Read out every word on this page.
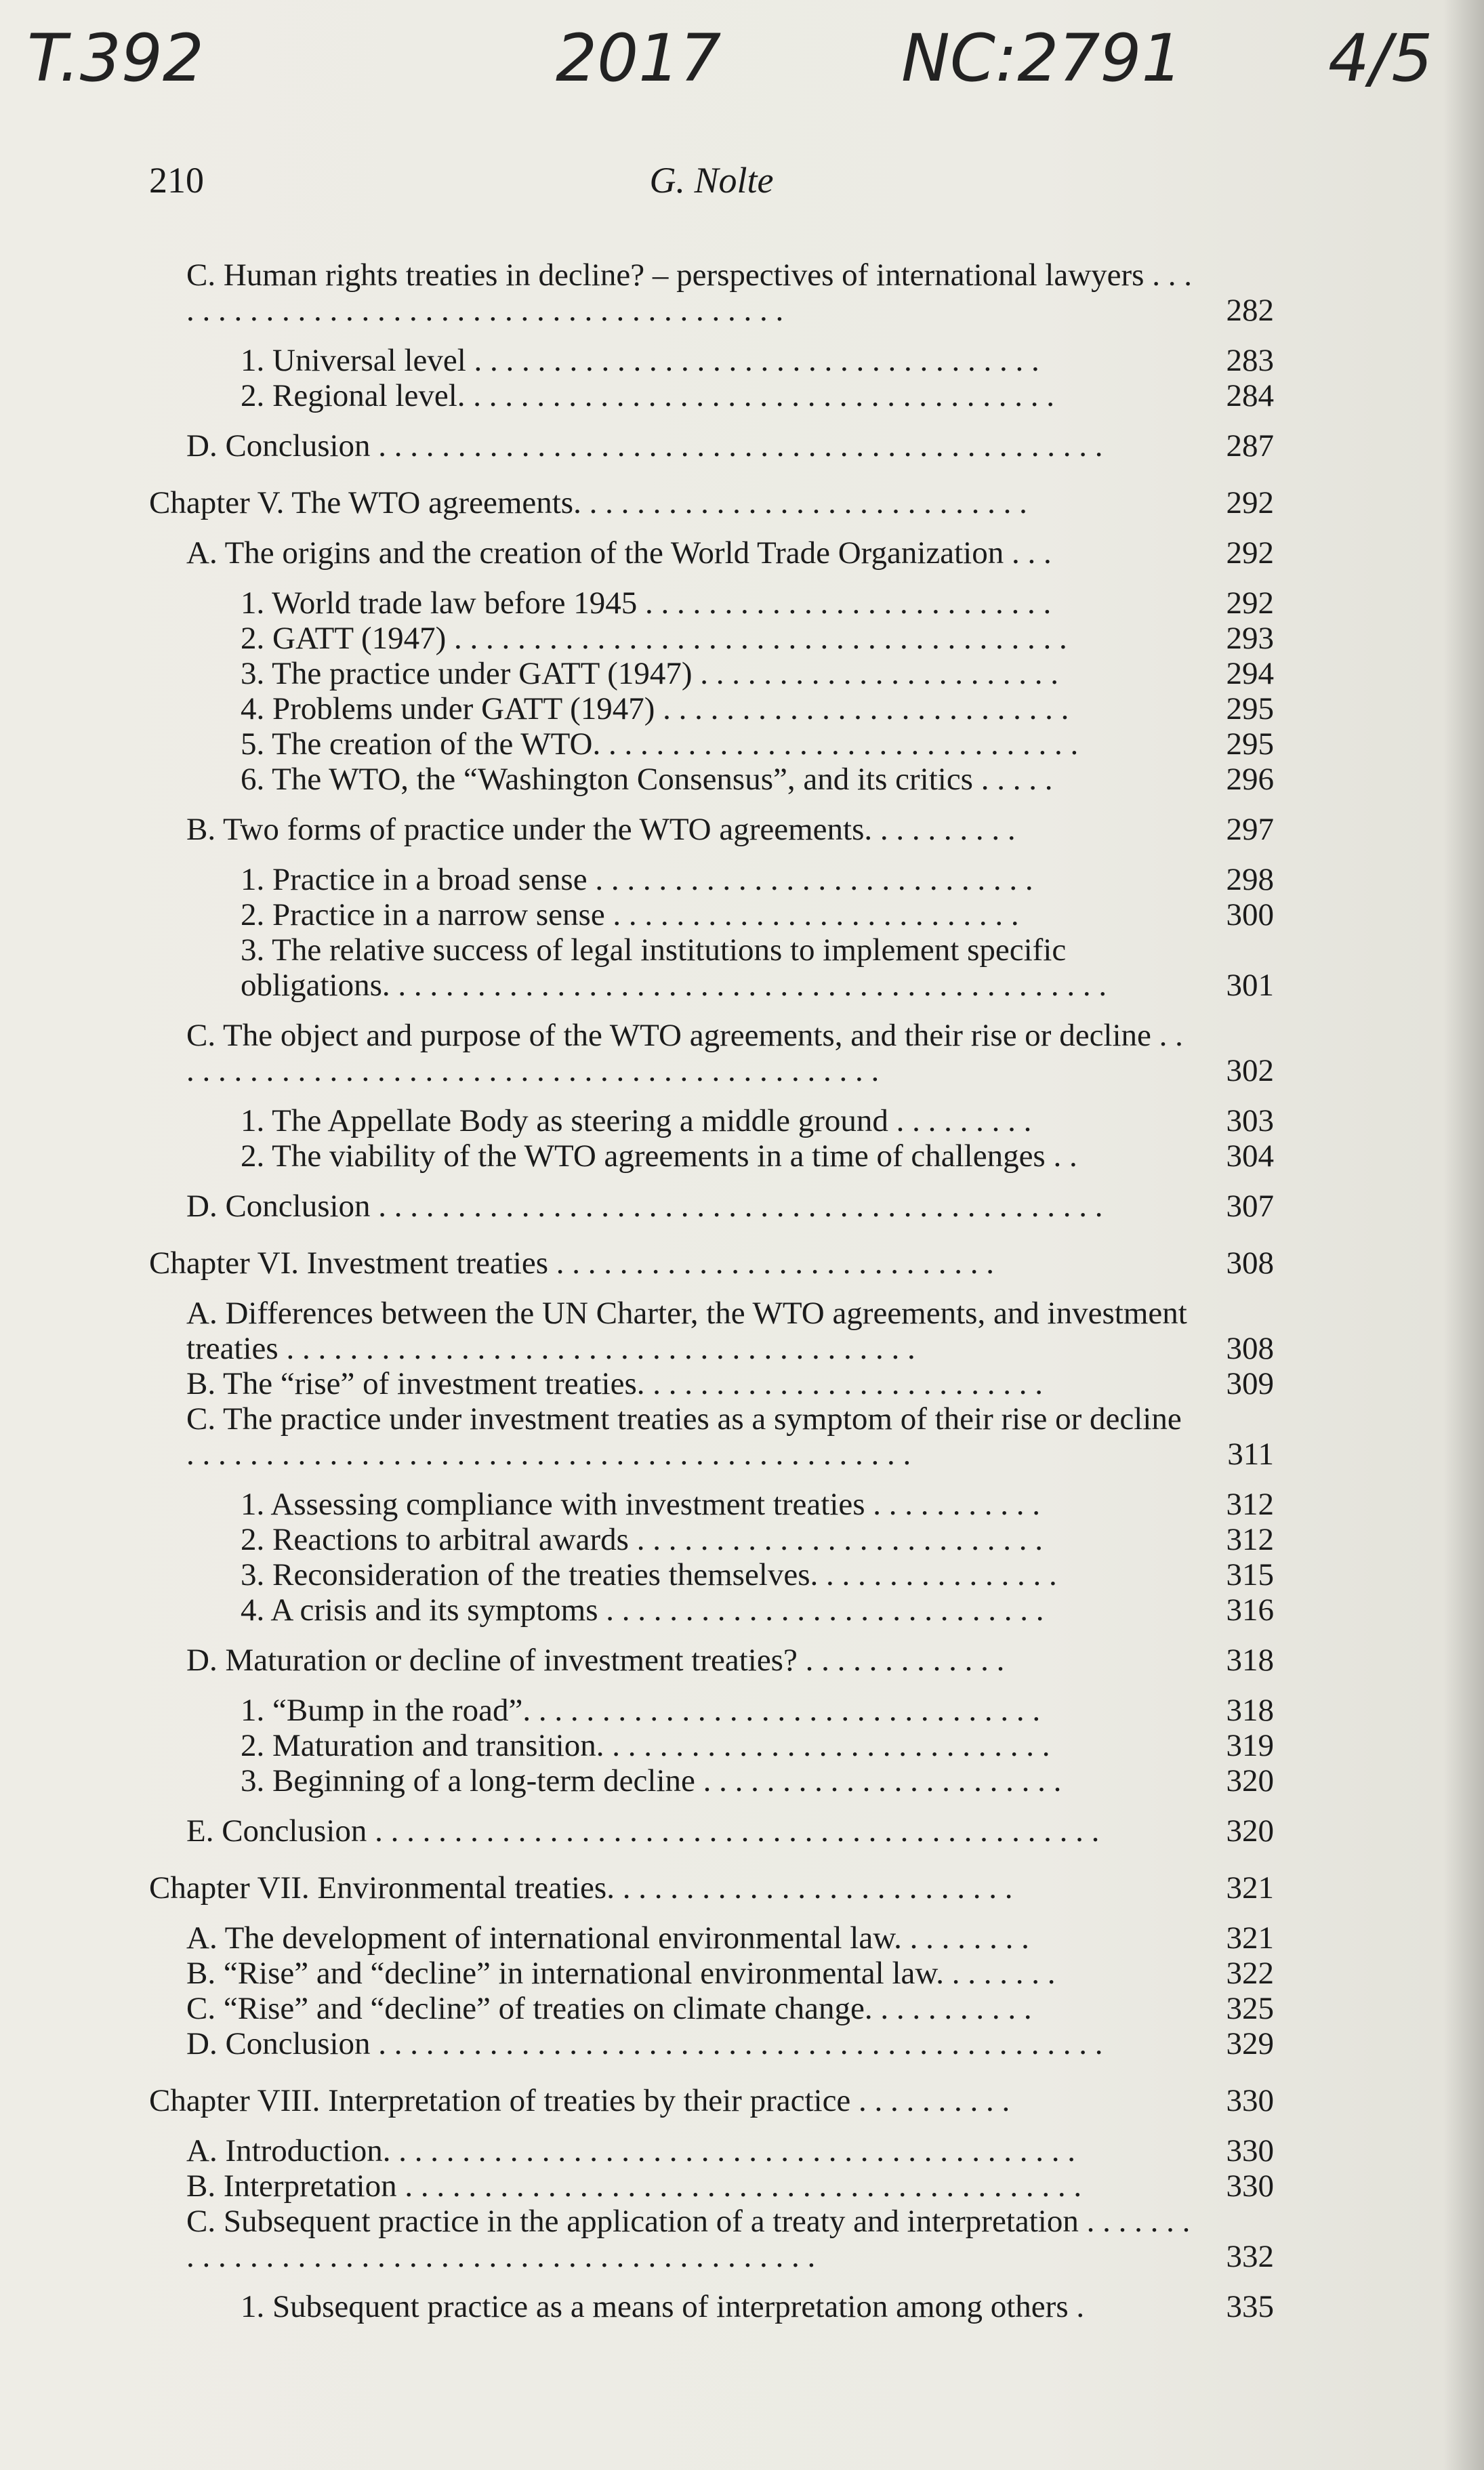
T.392	2017	NC:2791 4/5
210	G. Nolte
C. Human rights treaties in decline? – perspectives of international lawyers . . . . . . . . . . . . . . . . . . . . . . . . . . . . . . . . . . . . . . . . .	282
1. Universal level . . . . . . . . . . . . . . . . . . . . . . . . . . . . . . . . . . . .	283
2. Regional level. . . . . . . . . . . . . . . . . . . . . . . . . . . . . . . . . . . . . .	284
D. Conclusion . . . . . . . . . . . . . . . . . . . . . . . . . . . . . . . . . . . . . . . . . . . . . .	287
Chapter V. The WTO agreements. . . . . . . . . . . . . . . . . . . . . . . . . . . . .	292
A. The origins and the creation of the World Trade Organization . . .	292
1. World trade law before 1945 . . . . . . . . . . . . . . . . . . . . . . . . . .	292
2. GATT (1947) . . . . . . . . . . . . . . . . . . . . . . . . . . . . . . . . . . . . . . .	293
3. The practice under GATT (1947) . . . . . . . . . . . . . . . . . . . . . . .	294
4. Problems under GATT (1947) . . . . . . . . . . . . . . . . . . . . . . . . . .	295
5. The creation of the WTO. . . . . . . . . . . . . . . . . . . . . . . . . . . . . . .	295
6. The WTO, the “Washington Consensus”, and its critics . . . . .	296
B. Two forms of practice under the WTO agreements. . . . . . . . . .	297
1. Practice in a broad sense . . . . . . . . . . . . . . . . . . . . . . . . . . . .	298
2. Practice in a narrow sense . . . . . . . . . . . . . . . . . . . . . . . . . .	300
3. The relative success of legal institutions to implement specific obligations. . . . . . . . . . . . . . . . . . . . . . . . . . . . . . . . . . . . . . . . . . . . . .	301
C. The object and purpose of the WTO agreements, and their rise or decline . . . . . . . . . . . . . . . . . . . . . . . . . . . . . . . . . . . . . . . . . . . . . .	302
1. The Appellate Body as steering a middle ground . . . . . . . . .	303
2. The viability of the WTO agreements in a time of challenges . .	304
D. Conclusion . . . . . . . . . . . . . . . . . . . . . . . . . . . . . . . . . . . . . . . . . . . . . .	307
Chapter VI. Investment treaties . . . . . . . . . . . . . . . . . . . . . . . . . . . .	308
A. Differences between the UN Charter, the WTO agreements, and investment treaties . . . . . . . . . . . . . . . . . . . . . . . . . . . . . . . . . . . . . . . .	308
B. The “rise” of investment treaties. . . . . . . . . . . . . . . . . . . . . . . . . .	309
C. The practice under investment treaties as a symptom of their rise or decline . . . . . . . . . . . . . . . . . . . . . . . . . . . . . . . . . . . . . . . . . . . . . .	311
1. Assessing compliance with investment treaties . . . . . . . . . . .	312
2. Reactions to arbitral awards . . . . . . . . . . . . . . . . . . . . . . . . . .	312
3. Reconsideration of the treaties themselves. . . . . . . . . . . . . . . .	315
4. A crisis and its symptoms . . . . . . . . . . . . . . . . . . . . . . . . . . . .	316
D. Maturation or decline of investment treaties? . . . . . . . . . . . . .	318
1. “Bump in the road”. . . . . . . . . . . . . . . . . . . . . . . . . . . . . . . . .	318
2. Maturation and transition. . . . . . . . . . . . . . . . . . . . . . . . . . . . .	319
3. Beginning of a long-term decline . . . . . . . . . . . . . . . . . . . . . . .	320
E. Conclusion . . . . . . . . . . . . . . . . . . . . . . . . . . . . . . . . . . . . . . . . . . . . . .	320
Chapter VII. Environmental treaties. . . . . . . . . . . . . . . . . . . . . . . . . .	321
A. The development of international environmental law. . . . . . . . .	321
B. “Rise” and “decline” in international environmental law. . . . . . . .	322
C. “Rise” and “decline” of treaties on climate change. . . . . . . . . . .	325
D. Conclusion . . . . . . . . . . . . . . . . . . . . . . . . . . . . . . . . . . . . . . . . . . . . . .	329
Chapter VIII. Interpretation of treaties by their practice . . . . . . . . . .	330
A. Introduction. . . . . . . . . . . . . . . . . . . . . . . . . . . . . . . . . . . . . . . . . . . .	330
B. Interpretation . . . . . . . . . . . . . . . . . . . . . . . . . . . . . . . . . . . . . . . . . . .	330
C. Subsequent practice in the application of a treaty and interpretation . . . . . . . . . . . . . . . . . . . . . . . . . . . . . . . . . . . . . . . . . . . . . . .	332
1. Subsequent practice as a means of interpretation among others .	335
